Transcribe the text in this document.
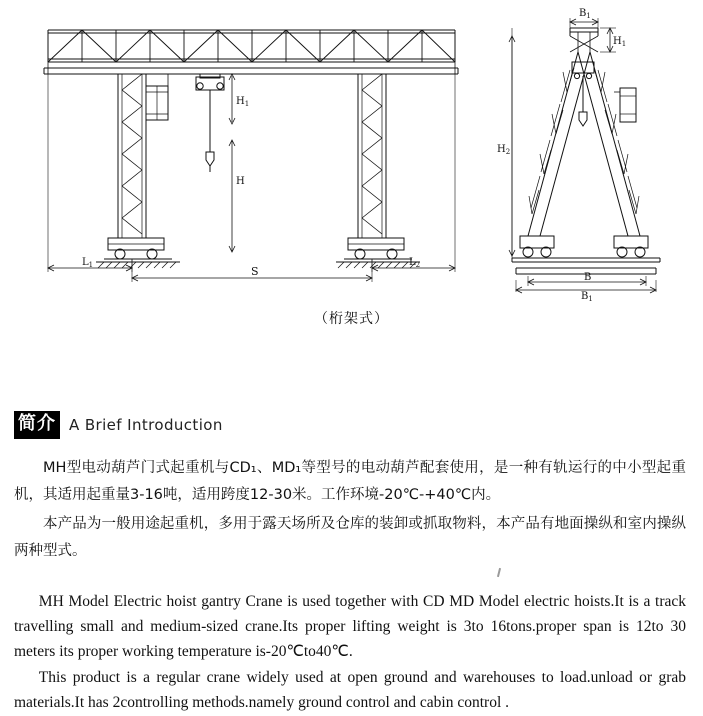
$H_1$
H
S
$L_1$	$L_2$
$B_1$
$H_1$
$H_2$
B
$B_1$
（桁架式）
简介 A Brief Introduction

MH型电动葫芦门式起重机与CD₁、MD₁等型号的电动葫芦配套使用，是一种有轨运行的中小型起重机，其适用起重量3-16吨，适用跨度12-30米。工作环境-20℃-+40℃内。

本产品为一般用途起重机，多用于露天场所及仓库的装卸或抓取物料，本产品有地面操纵和室内操纵两种型式。

MH Model Electric hoist gantry Crane is used together with CD MD Model electric hoists.It is a track travelling small and medium-sized crane.Its proper lifting weight is 3to 16tons.proper span is 12to 30 meters its proper working temperature is-20℃to40℃.

This product is a regular crane widely used at open ground and warehouses to load.unload or grab materials.It has 2controlling methods.namely ground control and cabin control .
